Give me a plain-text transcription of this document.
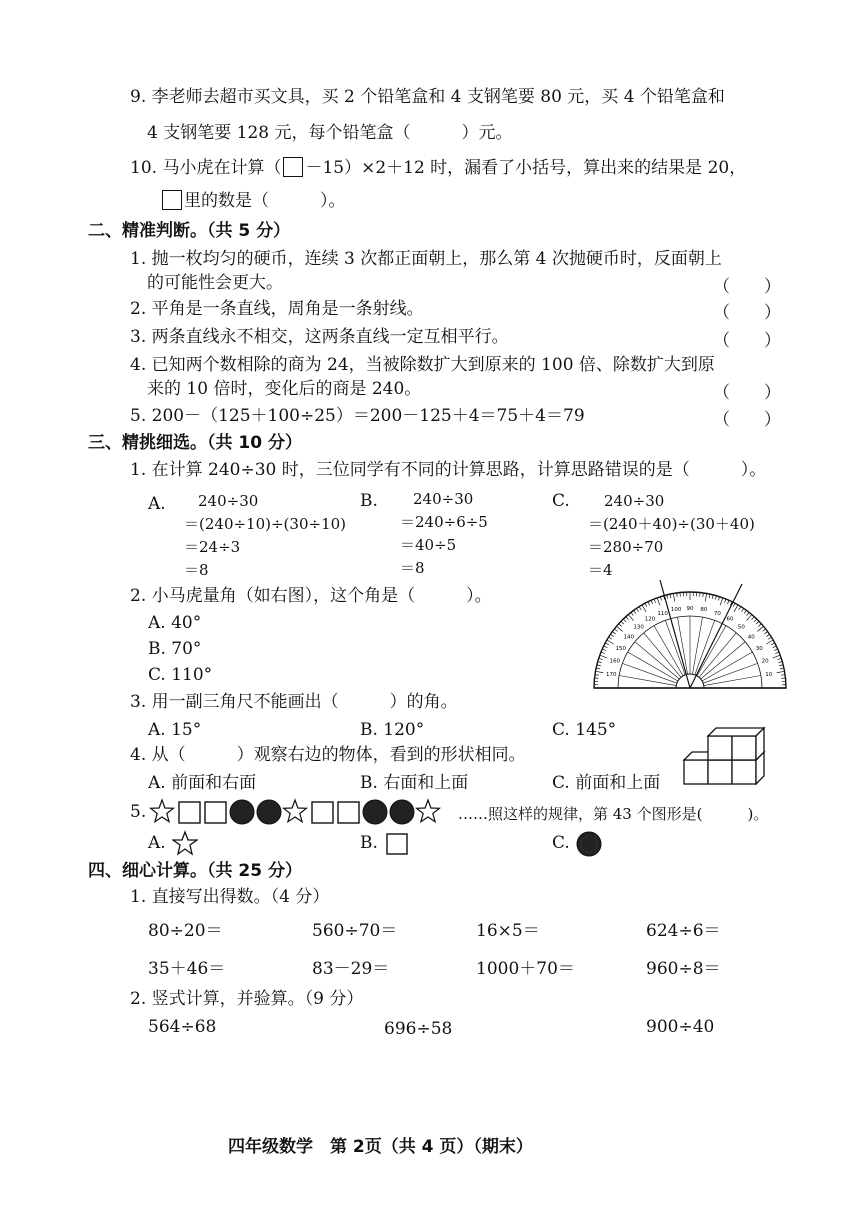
9. 李老师去超市买文具，买 2 个铅笔盒和 4 支钢笔要 80 元，买 4 个铅笔盒和
4 支钢笔要 128 元，每个铅笔盒（　　　）元。
10. 马小虎在计算（ －15）×2＋12 时，漏看了小括号，算出来的结果是 20，
里的数是（　　　）。
二、精准判断。（共 5 分）
1. 抛一枚均匀的硬币，连续 3 次都正面朝上，那么第 4 次抛硬币时，反面朝上
的可能性会更大。	（　　）
2. 平角是一条直线，周角是一条射线。	（　　）
3. 两条直线永不相交，这两条直线一定互相平行。	（　　）
4. 已知两个数相除的商为 24，当被除数扩大到原来的 100 倍、除数扩大到原
来的 10 倍时，变化后的商是 240。	（　　）
5. 200－（125＋100÷25）＝200－125＋4＝75＋4＝79	（　　）
三、精挑细选。（共 10 分）
1. 在计算 240÷30 时，三位同学有不同的计算思路，计算思路错误的是（　　　）。
A. 240÷30
＝(240÷10)÷(30÷10)
＝24÷3
＝8
B. 240÷30
＝240÷6÷5
＝40÷5
＝8
C. 240÷30
＝(240＋40)÷(30＋40)
＝280÷70
＝4
2. 小马虎量角（如右图），这个角是（　　　）。
A. 40°
B. 70°
C. 110°	10
20
30
40
50
60
70
80
90
100
110
120
130
140
150
160
170
3. 用一副三角尺不能画出（　　　）的角。
A. 15°	B. 120°	C. 145°
4. 从（　　　）观察右边的物体，看到的形状相同。
A. 前面和右面	B. 右面和上面	C. 前面和上面
5.	……照这样的规律，第 43 个图形是(　　　)。
A.	B.	C.
四、细心计算。（共 25 分）
1. 直接写出得数。（4 分）
80÷20＝	560÷70＝	16×5＝	624÷6＝
35＋46＝	83－29＝	1000＋70＝	960÷8＝
2. 竖式计算，并验算。（9 分）
564÷68	696÷58	900÷40
四年级数学　第 2页（共 4 页）（期末）
